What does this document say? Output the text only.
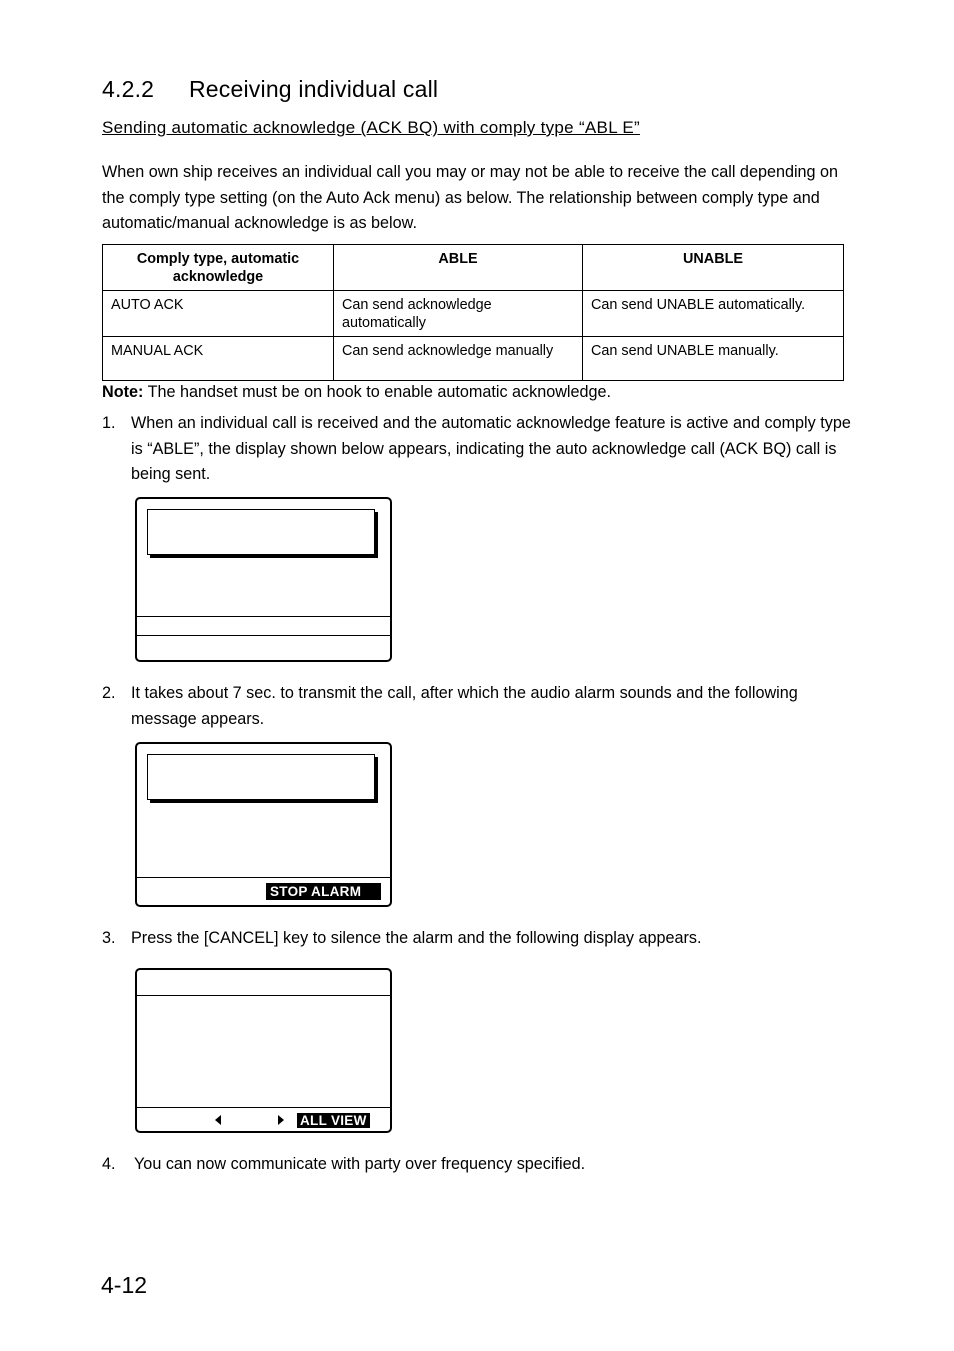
4.2.2 Receiving individual call
Sending automatic acknowledge (ACK BQ) with comply type “ABL E”
When own ship receives an individual call you may or may not be able to receive the call depending on the comply type setting (on the Auto Ack menu) as below. The relationship between comply type and automatic/manual acknowledge is as below.
Comply type, automatic acknowledge	ABLE	UNABLE
AUTO ACK	Can send acknowledge automatically	Can send UNABLE automatically.
MANUAL ACK	Can send acknowledge manually	Can send UNABLE manually.
Note: The handset must be on hook to enable automatic acknowledge.
1. When an individual call is received and the automatic acknowledge feature is active and comply type is “ABLE”, the display shown below appears, indicating the auto acknowledge call (ACK BQ) call is being sent.
2. It takes about 7 sec. to transmit the call, after which the audio alarm sounds and the following message appears.
STOP ALARM
3. Press the [CANCEL] key to silence the alarm and the following display appears.
ALL VIEW
4. You can now communicate with party over frequency specified.
4-12
